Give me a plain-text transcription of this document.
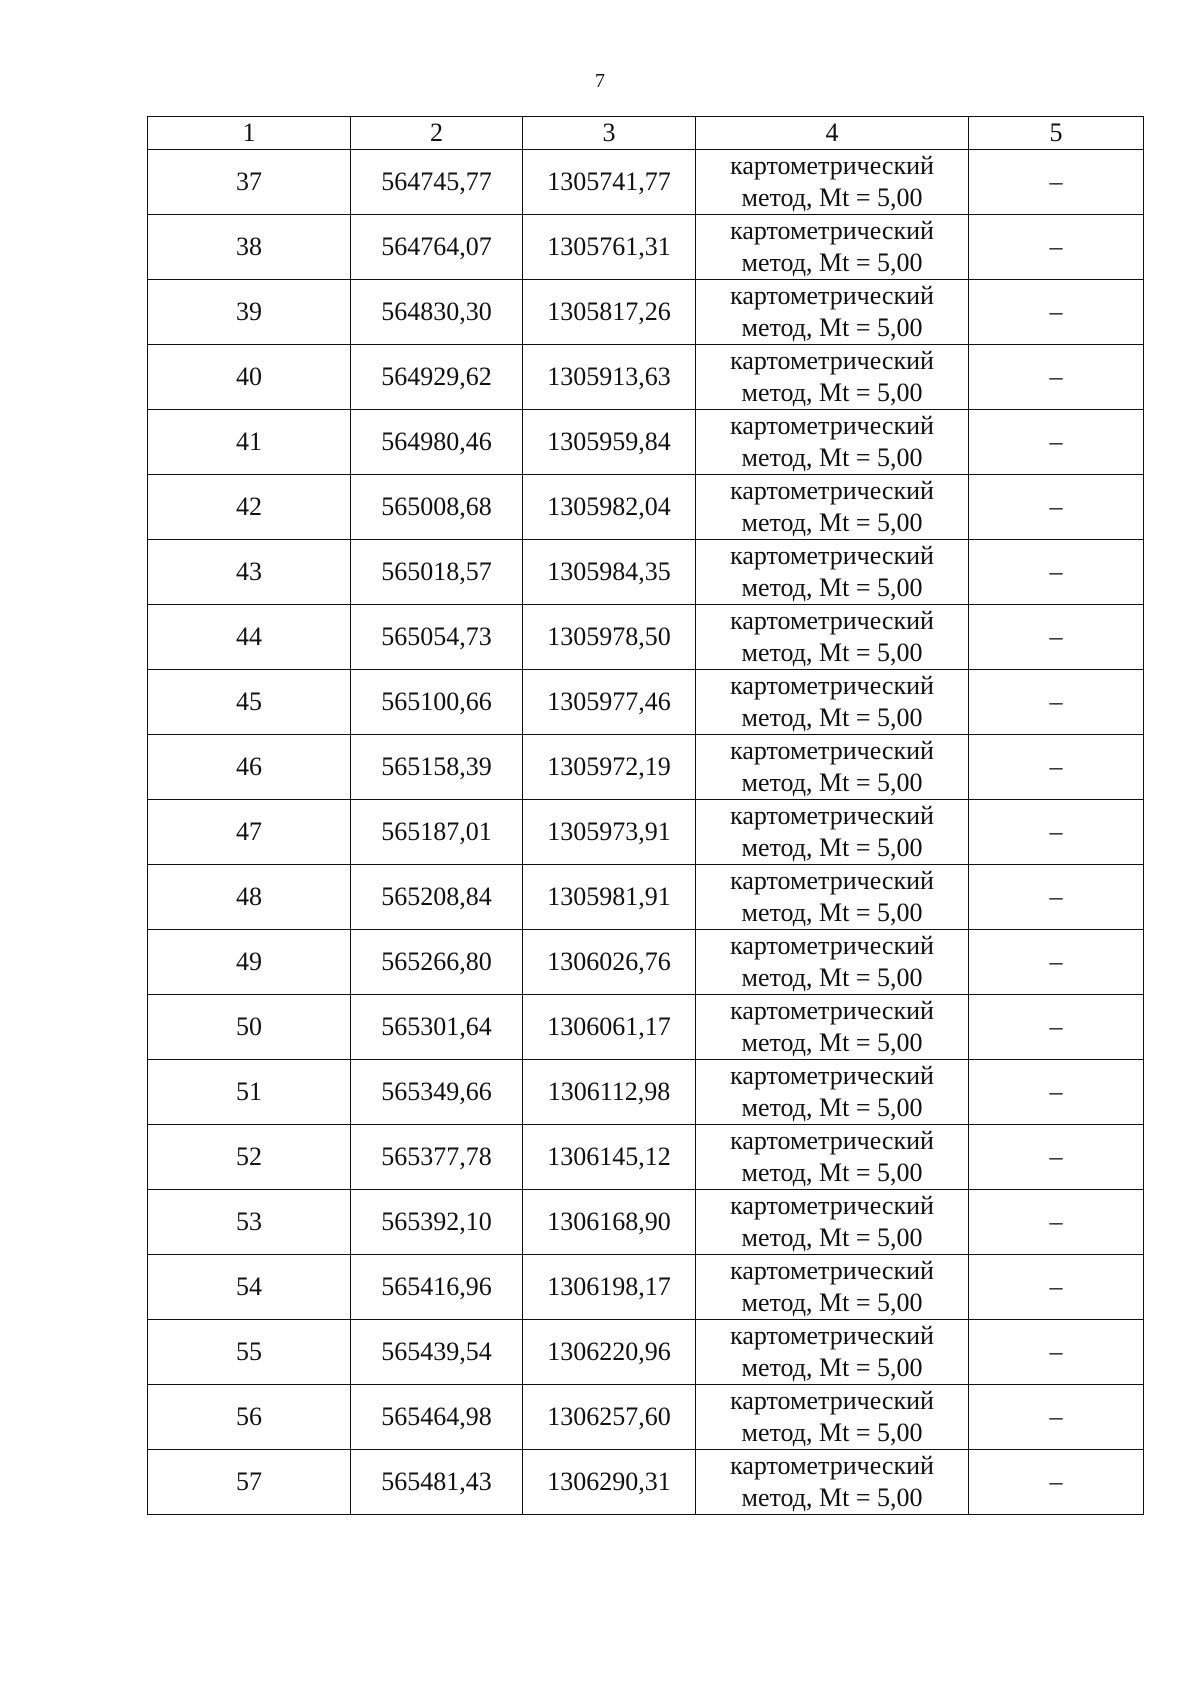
7
1	2	3	4	5
37	564745,77	1305741,77	картометрический
метод, Mt = 5,00	–
38	564764,07	1305761,31	картометрический
метод, Mt = 5,00	–
39	564830,30	1305817,26	картометрический
метод, Mt = 5,00	–
40	564929,62	1305913,63	картометрический
метод, Mt = 5,00	–
41	564980,46	1305959,84	картометрический
метод, Mt = 5,00	–
42	565008,68	1305982,04	картометрический
метод, Mt = 5,00	–
43	565018,57	1305984,35	картометрический
метод, Mt = 5,00	–
44	565054,73	1305978,50	картометрический
метод, Mt = 5,00	–
45	565100,66	1305977,46	картометрический
метод, Mt = 5,00	–
46	565158,39	1305972,19	картометрический
метод, Mt = 5,00	–
47	565187,01	1305973,91	картометрический
метод, Mt = 5,00	–
48	565208,84	1305981,91	картометрический
метод, Mt = 5,00	–
49	565266,80	1306026,76	картометрический
метод, Mt = 5,00	–
50	565301,64	1306061,17	картометрический
метод, Mt = 5,00	–
51	565349,66	1306112,98	картометрический
метод, Mt = 5,00	–
52	565377,78	1306145,12	картометрический
метод, Mt = 5,00	–
53	565392,10	1306168,90	картометрический
метод, Mt = 5,00	–
54	565416,96	1306198,17	картометрический
метод, Mt = 5,00	–
55	565439,54	1306220,96	картометрический
метод, Mt = 5,00	–
56	565464,98	1306257,60	картометрический
метод, Mt = 5,00	–
57	565481,43	1306290,31	картометрический
метод, Mt = 5,00	–
